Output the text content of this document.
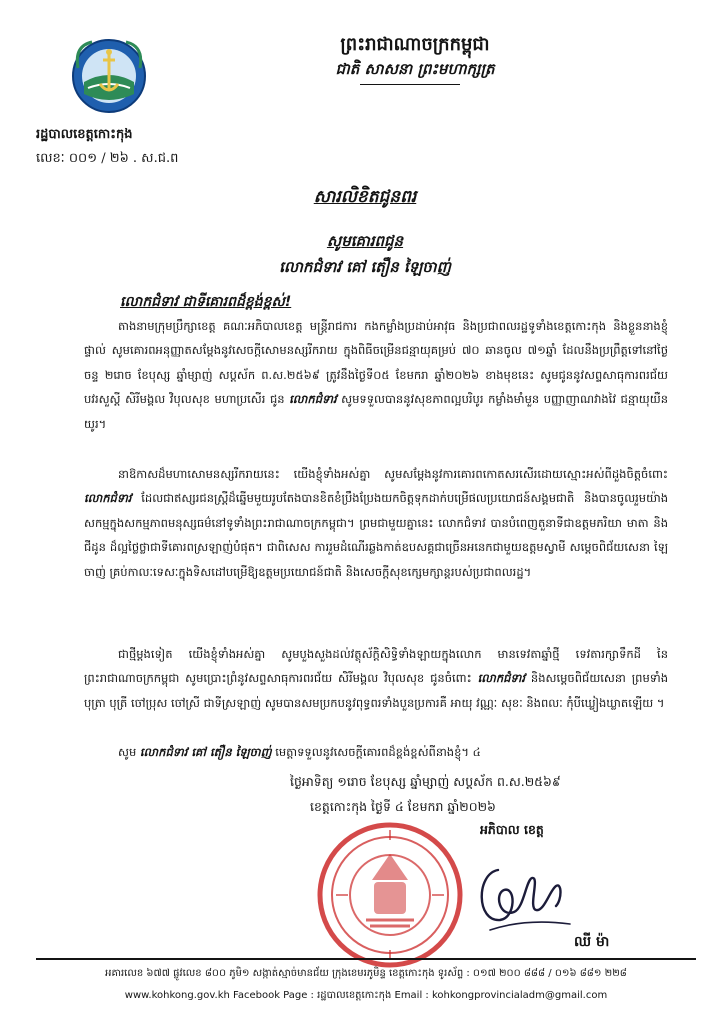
ព្រះរាជាណាចក្រកម្ពុជា
ជាតិ សាសនា ព្រះមហាក្សត្រ
រដ្ឋបាលខេត្តកោះកុង
លេខៈ ០០១ / ២៦ . ស.ជ.ព
សារលិខិតជូនពរ
សូមគោរពជូន
លោកជំទាវ គៅ តឿន ឡៃចាញ់
លោកជំទាវ ជាទីគោរពដ៏ខ្ពង់ខ្ពស់!
តាងនាមក្រុមប្រឹក្សាខេត្ត គណៈអភិបាលខេត្ត មន្ត្រីរាជការ កងកម្លាំងប្រដាប់អាវុធ និងប្រជាពលរដ្ឋទូទាំងខេត្តកោះកុង និងខ្លួននាងខ្ញុំផ្ទាល់ សូមគោរពអនុញ្ញាតសម្ដែងនូវសេចក្ដីសោមនស្សរីករាយ ក្នុងពិធីចម្រើនជន្មាយុគម្រប់ ៧០ ឆានចូល ៧១ឆ្នាំ ដែលនឹងប្រព្រឹត្តទៅនៅថ្ងៃចន្ទ ២រោច ខែបុស្ស ឆ្នាំម្សាញ់ សប្តស័ក ព.ស.២៥៦៩ ត្រូវនឹងថ្ងៃទី០៥ ខែមករា ឆ្នាំ២០២៦ ខាងមុខនេះ សូមជូននូវសព្ទសាធុការពរជ័យ បវរសួស្តី សិរីមង្គល វិបុលសុខ មហាប្រសើរ ជូន លោកជំទាវ សូមទទួលបាននូវសុខភាពល្អបរិបូរ កម្លាំងមាំមួន បញ្ញាញាណវាងវៃ ជន្មាយុយឺនយូរ។
នាឱកាសដ៏មហាសោមនស្សរីករាយនេះ យើងខ្ញុំទាំងអស់គ្នា សូមសម្ដែងនូវការគោរពកោតសរសើរដោយស្មោះអស់ពីដួងចិត្តចំពោះ លោកជំទាវ ដែលជាឥស្សរជនស្ត្រីដ៏ឆ្នើមមួយរូបតែងបានខិតខំប្រឹងប្រែងយកចិត្តទុកដាក់បម្រើផលប្រយោជន៍សង្គមជាតិ និងបានចូលរួមយ៉ាងសកម្មក្នុងសកម្មភាពមនុស្សធម៌នៅទូទាំងព្រះរាជាណាចក្រកម្ពុជា។ ព្រមជាមួយគ្នានេះ លោកជំទាវ បានបំពេញតួនាទីជាឧត្តមភរិយា មាតា និងជីដូន ដ៏ល្អថ្លៃថ្លាជាទីគោរពស្រឡាញ់បំផុត។ ជាពិសេស ការរួមដំណើរឆ្លងកាត់ឧបសគ្គជាច្រើនអនេកជាមួយឧត្តមស្វាមី សម្តេចពិជ័យសេនា ឡៃ ចាញ់ គ្រប់កាលៈទេសៈក្នុងទិសដៅបម្រើឱ្យឧត្តមប្រយោជន៍ជាតិ និងសេចក្តីសុខក្សេមក្សាន្តរបស់ប្រជាពលរដ្ឋ។
ជាថ្មីម្តងទៀត យើងខ្ញុំទាំងអស់គ្នា សូមបួងសួងដល់វត្ថុស័ក្តិសិទ្ធិទាំងឡាយក្នុងលោក មានទេវតាឆ្នាំថ្មី ទេវតារក្សាទឹកដី នៃព្រះរាជាណាចក្រកម្ពុជា សូមប្រោះព្រំនូវសព្ទសាធុការពរជ័យ សិរីមង្គល វិបុលសុខ ជូនចំពោះ លោកជំទាវ និងសម្តេចពិជ័យសេនា ព្រមទាំងបុត្រា បុត្រី ចៅប្រុស ចៅស្រី ជាទីស្រឡាញ់ សូមបានសមប្រកបនូវពុទ្ធពរទាំងបួនប្រការគឺ អាយុ វណ្ណៈ សុខៈ និងពលៈ កុំបីឃ្លៀងឃ្លាតឡើយ ។
សូម លោកជំទាវ គៅ តឿន ឡៃចាញ់ មេត្តាទទួលនូវសេចក្តីគោរពដ៏ខ្ពង់ខ្ពស់ពីនាងខ្ញុំ។ ៤
ថ្ងៃអាទិត្យ ១រោច ខែបុស្ស ឆ្នាំម្សាញ់ សប្តស័ក ព.ស.២៥៦៩
ខេត្តកោះកុង ថ្ងៃទី ៤ ខែមករា ឆ្នាំ២០២៦
អភិបាល ខេត្ត
ឈី ម៉ា
អគារលេខ ៦៧៧ ផ្លូវលេខ ៨០០ ភូមិ១ សង្កាត់ស្មាច់មានជ័យ ក្រុងខេមរភូមិន្ទ ខេត្តកោះកុង ទូរស័ព្ទ : ០១៧ ២០០ ៨៨៨ / ០១៦ ៨៨១ ២២៨
www.kohkong.gov.kh Facebook Page : រដ្ឋបាលខេត្តកោះកុង Email : kohkongprovincialadm@gmail.com
